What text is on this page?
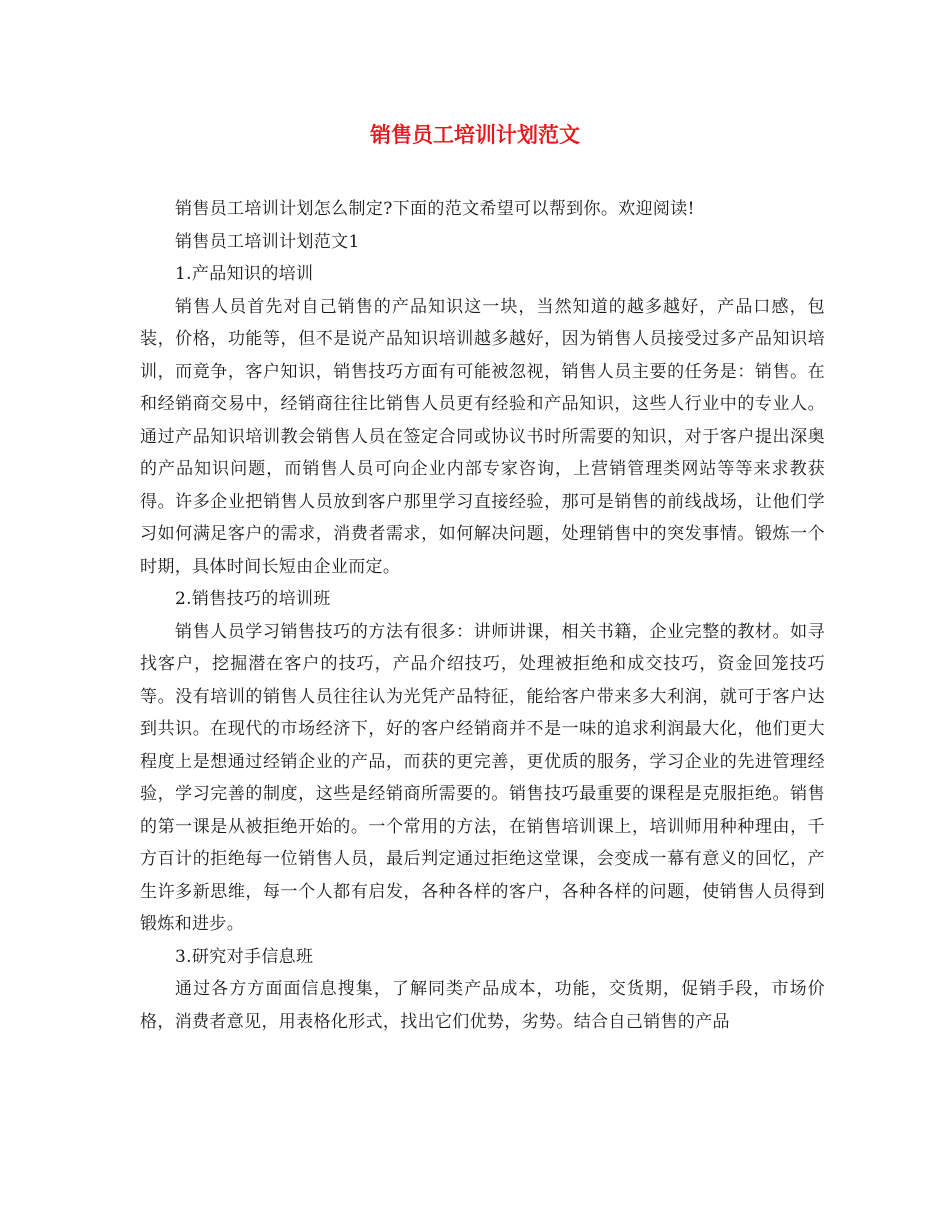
销售员工培训计划范文

销售员工培训计划怎么制定?下面的范文希望可以帮到你。欢迎阅读!

销售员工培训计划范文1

1.产品知识的培训

销售人员首先对自己销售的产品知识这一块，当然知道的越多越好，产品口感，包装，价格，功能等，但不是说产品知识培训越多越好，因为销售人员接受过多产品知识培训，而竟争，客户知识，销售技巧方面有可能被忽视，销售人员主要的任务是：销售。在和经销商交易中，经销商往往比销售人员更有经验和产品知识，这些人行业中的专业人。通过产品知识培训教会销售人员在签定合同或协议书时所需要的知识，对于客户提出深奥的产品知识问题，而销售人员可向企业内部专家咨询，上营销管理类网站等等来求教获得。许多企业把销售人员放到客户那里学习直接经验，那可是销售的前线战场，让他们学习如何满足客户的需求，消费者需求，如何解决问题，处理销售中的突发事情。锻炼一个时期，具体时间长短由企业而定。

2.销售技巧的培训班

销售人员学习销售技巧的方法有很多：讲师讲课，相关书籍，企业完整的教材。如寻找客户，挖掘潜在客户的技巧，产品介绍技巧，处理被拒绝和成交技巧，资金回笼技巧等。没有培训的销售人员往往认为光凭产品特征，能给客户带来多大利润，就可于客户达到共识。在现代的市场经济下，好的客户经销商并不是一味的追求利润最大化，他们更大程度上是想通过经销企业的产品，而获的更完善，更优质的服务，学习企业的先进管理经验，学习完善的制度，这些是经销商所需要的。销售技巧最重要的课程是克服拒绝。销售的第一课是从被拒绝开始的。一个常用的方法，在销售培训课上，培训师用种种理由，千方百计的拒绝每一位销售人员，最后判定通过拒绝这堂课，会变成一幕有意义的回忆，产生许多新思维，每一个人都有启发，各种各样的客户，各种各样的问题，使销售人员得到锻炼和进步。

3.研究对手信息班

通过各方方面面信息搜集，了解同类产品成本，功能，交货期，促销手段，市场价格，消费者意见，用表格化形式，找出它们优势，劣势。结合自己销售的产品
